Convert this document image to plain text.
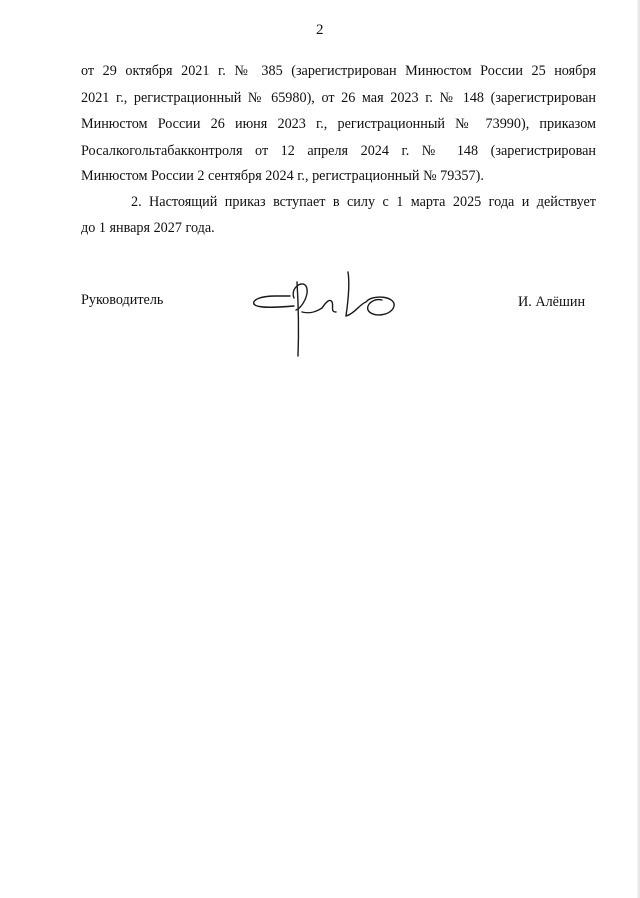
2
от 29 октября 2021 г. № 385 (зарегистрирован Минюстом России 25 ноября
2021 г., регистрационный № 65980), от 26 мая 2023 г. № 148 (зарегистрирован
Минюстом России 26 июня 2023 г., регистрационный № 73990), приказом
Росалкогольтабакконтроля от 12 апреля 2024 г. № 148 (зарегистрирован
Минюстом России 2 сентября 2024 г., регистрационный № 79357).
2. Настоящий приказ вступает в силу с 1 марта 2025 года и действует
до 1 января 2027 года.
Руководитель	И. Алёшин
